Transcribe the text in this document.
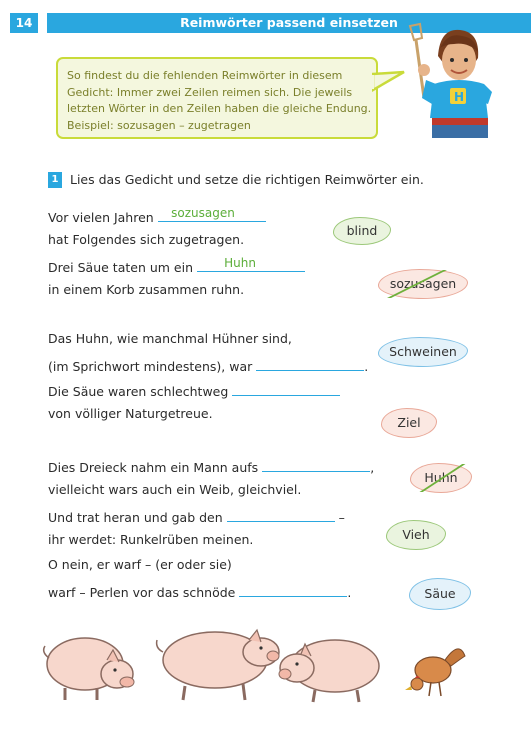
14	Reimwörter passend einsetzen
So findest du die fehlenden Reimwörter in diesem
Gedicht: Immer zwei Zeilen reimen sich. Die jeweils
letzten Wörter in den Zeilen haben die gleiche Endung.
Beispiel: sozusagen – zugetragen
H
1 Lies das Gedicht und setze die richtigen Reimwörter ein.
Vor vielen Jahren	sozusagen
hat Folgendes sich zugetragen.
Drei Säue taten um ein	Huhn
in einem Korb zusammen ruhn.
Das Huhn, wie manchmal Hühner sind,
(im Sprichwort mindestens), war	.
Die Säue waren schlechtweg
von völliger Naturgetreue.
Dies Dreieck nahm ein Mann aufs	,
vielleicht wars auch ein Weib, gleichviel.
Und trat heran und gab den	–
ihr werdet: Runkelrüben meinen.
O nein, er warf – (er oder sie)
warf – Perlen vor das schnöde	.
blind
sozusagen
Schweinen
Ziel
Huhn
Vieh
Säue
